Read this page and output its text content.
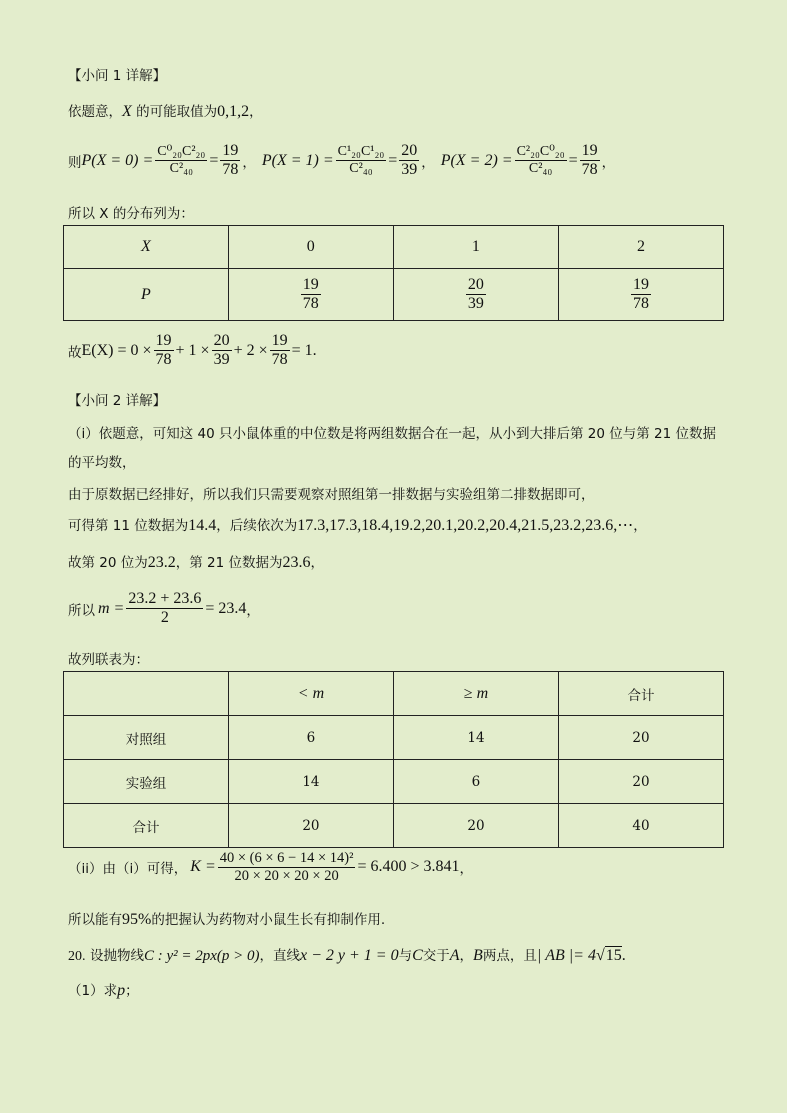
【小问 1 详解】
依题意，X 的可能取值为0,1,2，
则 $P(X = 0) = \frac{\text{C⁰₂₀C²₂₀}}{\text{C²₄₀}} = \frac{19}{78}$ ， $P(X = 1) = \frac{\text{C¹₂₀C¹₂₀}}{\text{C²₄₀}} = \frac{20}{39}$ ， $P(X = 2) = \frac{\text{C²₂₀C⁰₂₀}}{\text{C²₄₀}} = \frac{19}{78}$ ，
所以 X 的分布列为：
X	0	1	2
P	$\frac{19}{78}$	$\frac{20}{39}$	$\frac{19}{78}$
故 $E(X) = 0 \times \frac{19}{78} + 1 \times \frac{20}{39} + 2 \times \frac{19}{78} = 1$ .
【小问 2 详解】
（i）依题意，可知这 40 只小鼠体重的中位数是将两组数据合在一起，从小到大排后第 20 位与第 21 位数据
的平均数，
由于原数据已经排好，所以我们只需要观察对照组第一排数据与实验组第二排数据即可，
可得第 11 位数据为14.4，后续依次为17.3,17.3,18.4,19.2,20.1,20.2,20.4,21.5,23.2,23.6,⋯，
故第 20 位为23.2，第 21 位数据为23.6，
所以 $m = \frac{23.2 + 23.6}{2} = 23.4$ ，
故列联表为：
	< m	≥ m	合计
对照组	6	14	20
实验组	14	6	20
合计	20	20	40
（ii）由（i）可得， $K = \frac{\text{40 × (6 × 6 − 14 × 14)²}}{20 \times 20 \times 20 \times 20} = 6.400 > 3.841$ ，
所以能有95%的把握认为药物对小鼠生长有抑制作用.
20. 设抛物线C : y² = 2px(p > 0)，直线x − 2 y + 1 = 0与C交于A，B两点，且| AB |= 4√15.
（1）求p；
